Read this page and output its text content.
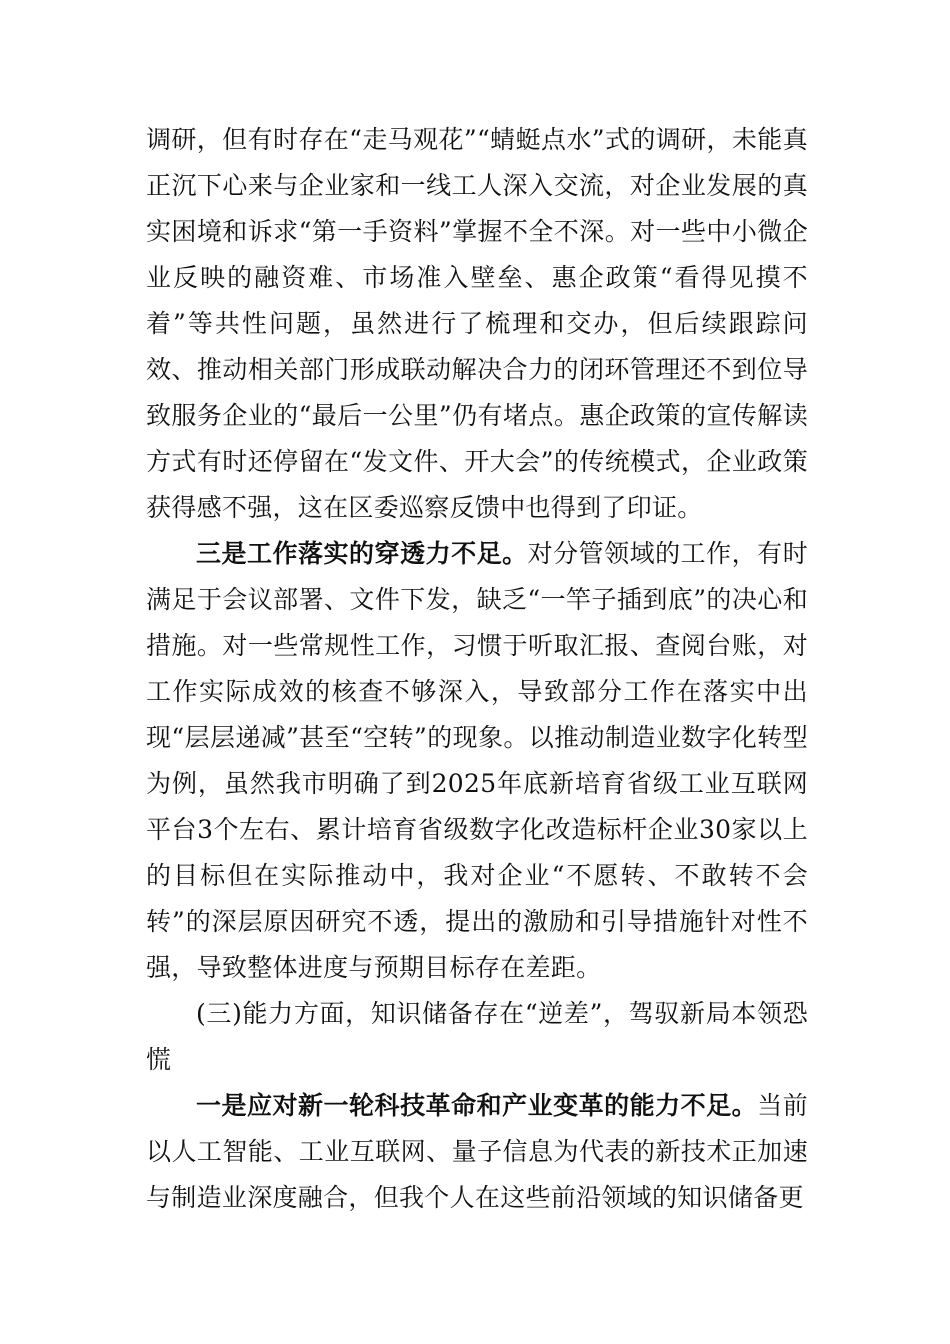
调研，但有时存在“走马观花”“蜻蜓点水”式的调研，未能真正沉下心来与企业家和一线工人深入交流，对企业发展的真实困境和诉求“第一手资料”掌握不全不深。对一些中小微企业反映的融资难、市场准入壁垒、惠企政策“看得见摸不着”等共性问题，虽然进行了梳理和交办，但后续跟踪问效、推动相关部门形成联动解决合力的闭环管理还不到位导致服务企业的“最后一公里”仍有堵点。惠企政策的宣传解读方式有时还停留在“发文件、开大会”的传统模式，企业政策获得感不强，这在区委巡察反馈中也得到了印证。

三是工作落实的穿透力不足。对分管领域的工作，有时满足于会议部署、文件下发，缺乏“一竿子插到底”的决心和措施。对一些常规性工作，习惯于听取汇报、查阅台账，对工作实际成效的核查不够深入，导致部分工作在落实中出现“层层递减”甚至“空转”的现象。以推动制造业数字化转型为例，虽然我市明确了到2025年底新培育省级工业互联网平台3个左右、累计培育省级数字化改造标杆企业30家以上的目标但在实际推动中，我对企业“不愿转、不敢转不会转”的深层原因研究不透，提出的激励和引导措施针对性不强，导致整体进度与预期目标存在差距。

(三)能力方面，知识储备存在“逆差”，驾驭新局本领恐慌

一是应对新一轮科技革命和产业变革的能力不足。当前以人工智能、工业互联网、量子信息为代表的新技术正加速与制造业深度融合，但我个人在这些前沿领域的知识储备更
